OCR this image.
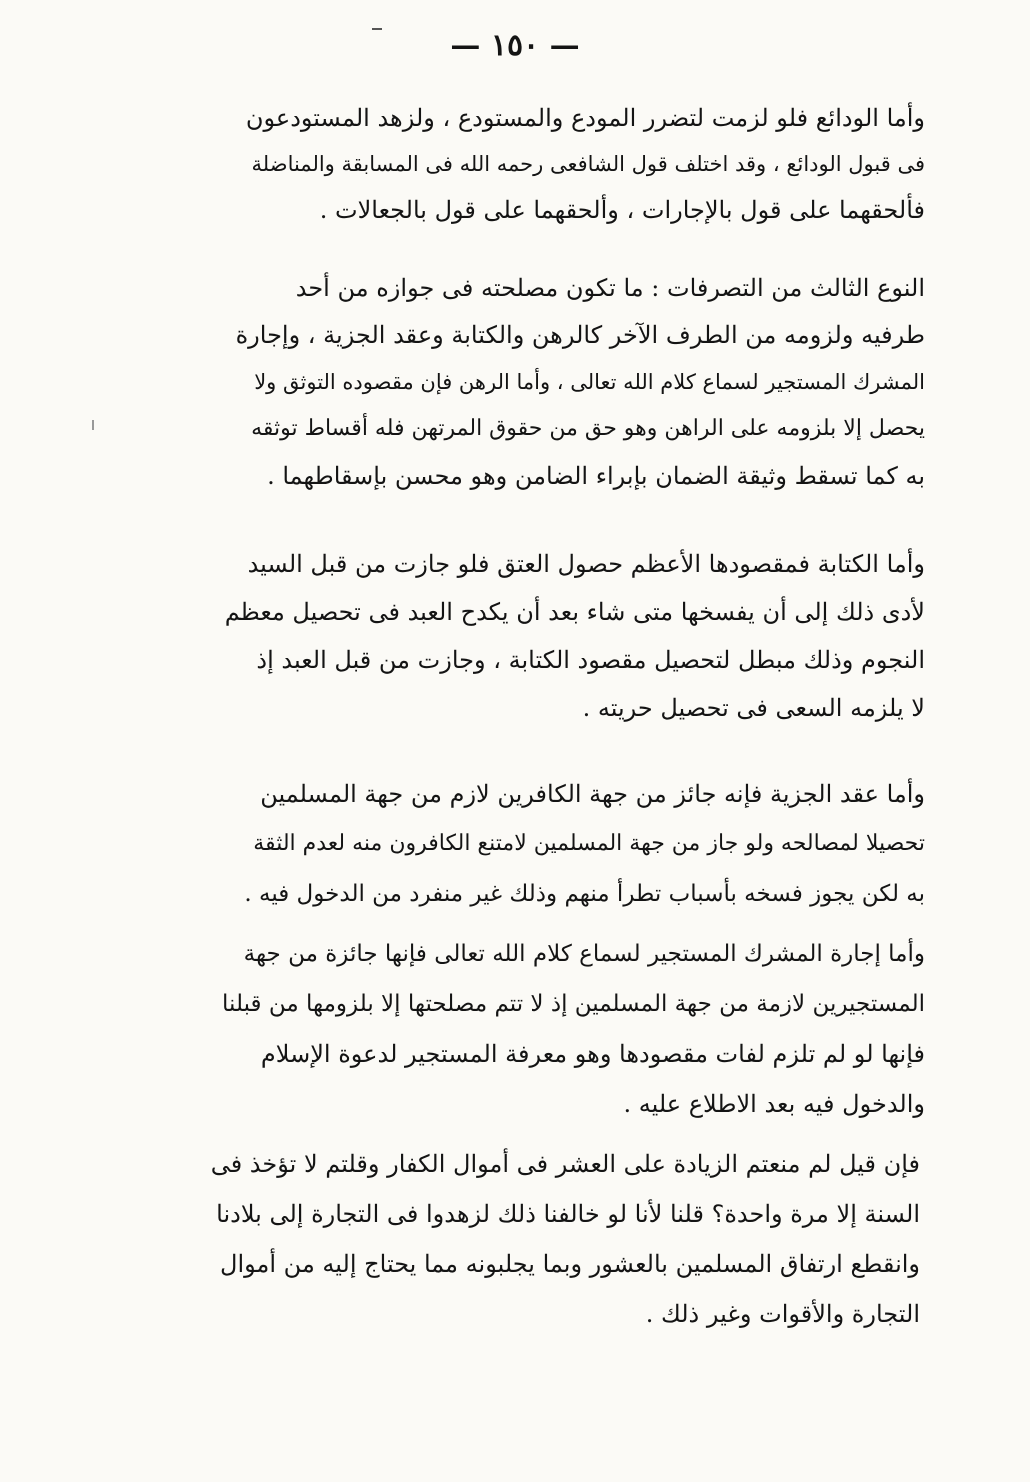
— ١٥٠ —
وأما الودائع فلو لزمت لتضرر المودع والمستودع ، ولزهد المستودعون
فى قبول الودائع ، وقد اختلف قول الشافعى رحمه الله فى المسابقة والمناضلة
فألحقهما على قول بالإجارات ، وألحقهما على قول بالجعالات .
النوع الثالث من التصرفات : ما تكون مصلحته فى جوازه من أحد
طرفيه ولزومه من الطرف الآخر كالرهن والكتابة وعقد الجزية ، وإجارة
المشرك المستجير لسماع كلام الله تعالى ، وأما الرهن فإن مقصوده التوثق ولا
يحصل إلا بلزومه على الراهن وهو حق من حقوق المرتهن فله أقساط توثقه
به كما تسقط وثيقة الضمان بإبراء الضامن وهو محسن بإسقاطهما .
وأما الكتابة فمقصودها الأعظم حصول العتق فلو جازت من قبل السيد
لأدى ذلك إلى أن يفسخها متى شاء بعد أن يكدح العبد فى تحصيل معظم
النجوم وذلك مبطل لتحصيل مقصود الكتابة ، وجازت من قبل العبد إذ
لا يلزمه السعى فى تحصيل حريته .
وأما عقد الجزية فإنه جائز من جهة الكافرين لازم من جهة المسلمين
تحصيلا لمصالحه ولو جاز من جهة المسلمين لامتنع الكافرون منه لعدم الثقة
به لكن يجوز فسخه بأسباب تطرأ منهم وذلك غير منفرد من الدخول فيه .
وأما إجارة المشرك المستجير لسماع كلام الله تعالى فإنها جائزة من جهة
المستجيرين لازمة من جهة المسلمين إذ لا تتم مصلحتها إلا بلزومها من قبلنا
فإنها لو لم تلزم لفات مقصودها وهو معرفة المستجير لدعوة الإسلام
والدخول فيه بعد الاطلاع عليه .
فإن قيل لم منعتم الزيادة على العشر فى أموال الكفار وقلتم لا تؤخذ فى
السنة إلا مرة واحدة؟ قلنا لأنا لو خالفنا ذلك لزهدوا فى التجارة إلى بلادنا
وانقطع ارتفاق المسلمين بالعشور وبما يجلبونه مما يحتاج إليه من أموال
التجارة والأقوات وغير ذلك .
